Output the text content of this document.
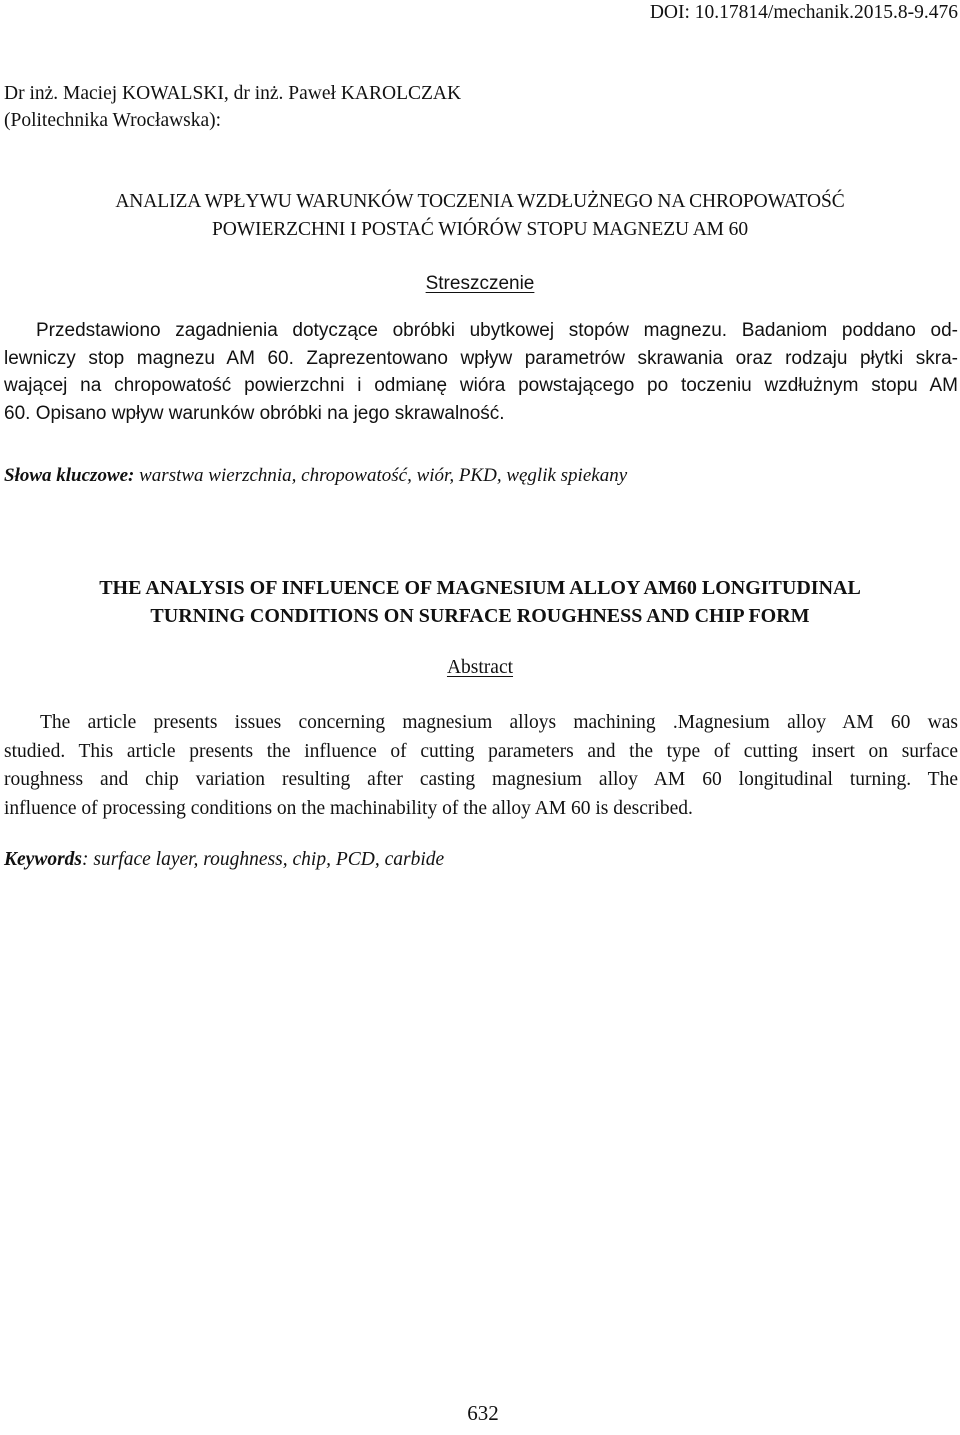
DOI: 10.17814/mechanik.2015.8-9.476
Dr inż. Maciej KOWALSKI, dr inż. Paweł KAROLCZAK
(Politechnika Wrocławska):
ANALIZA WPŁYWU WARUNKÓW TOCZENIA WZDŁUŻNEGO NA CHROPOWATOŚĆ
POWIERZCHNI I POSTAĆ WIÓRÓW STOPU MAGNEZU AM 60
Streszczenie
Przedstawiono zagadnienia dotyczące obróbki ubytkowej stopów magnezu. Badaniom poddano od-
lewniczy stop magnezu AM 60. Zaprezentowano wpływ parametrów skrawania oraz rodzaju płytki skra-
wającej na chropowatość powierzchni i odmianę wióra powstającego po toczeniu wzdłużnym stopu AM
60. Opisano wpływ warunków obróbki na jego skrawalność.
Słowa kluczowe: warstwa wierzchnia, chropowatość, wiór, PKD, węglik spiekany
THE ANALYSIS OF INFLUENCE OF MAGNESIUM ALLOY AM60 LONGITUDINAL
TURNING CONDITIONS ON SURFACE ROUGHNESS AND CHIP FORM
Abstract
The article presents issues concerning magnesium alloys machining .Magnesium alloy AM 60 was
studied. This article presents the influence of cutting parameters and the type of cutting insert on surface
roughness and chip variation resulting after casting magnesium alloy AM 60 longitudinal turning. The
influence of processing conditions on the machinability of the alloy AM 60 is described.
Keywords: surface layer, roughness, chip, PCD, carbide
632
